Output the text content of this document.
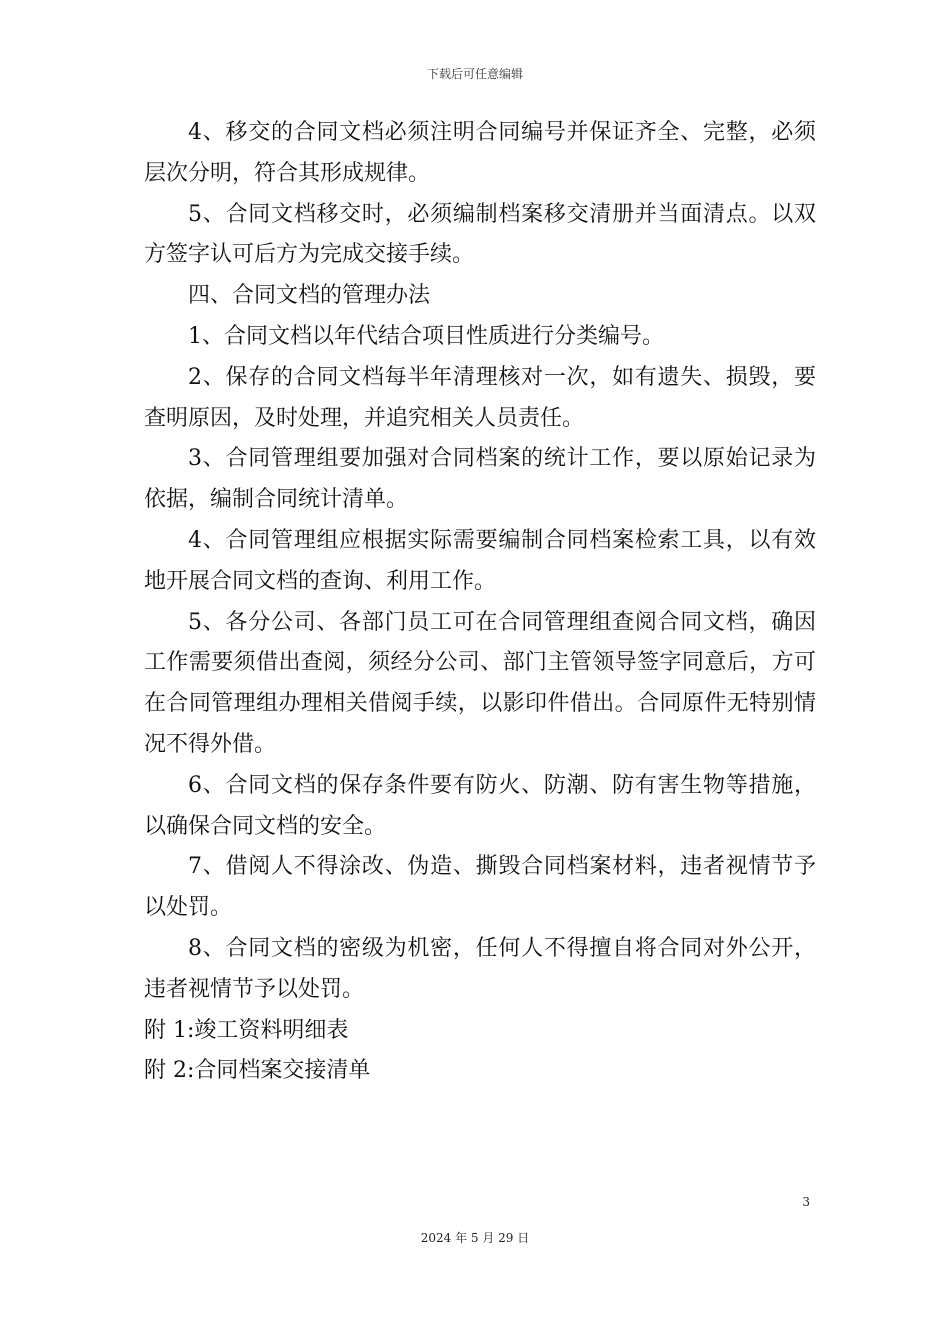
下载后可任意编辑

4、移交的合同文档必须注明合同编号并保证齐全、完整，必须层次分明，符合其形成规律。

5、合同文档移交时，必须编制档案移交清册并当面清点。以双方签字认可后方为完成交接手续。

四、合同文档的管理办法

1、合同文档以年代结合项目性质进行分类编号。

2、保存的合同文档每半年清理核对一次，如有遗失、损毁，要查明原因，及时处理，并追究相关人员责任。

3、合同管理组要加强对合同档案的统计工作，要以原始记录为依据，编制合同统计清单。

4、合同管理组应根据实际需要编制合同档案检索工具，以有效地开展合同文档的查询、利用工作。

5、各分公司、各部门员工可在合同管理组查阅合同文档，确因工作需要须借出查阅，须经分公司、部门主管领导签字同意后，方可在合同管理组办理相关借阅手续，以影印件借出。合同原件无特别情况不得外借。

6、合同文档的保存条件要有防火、防潮、防有害生物等措施，以确保合同文档的安全。

7、借阅人不得涂改、伪造、撕毁合同档案材料，违者视情节予以处罚。

8、合同文档的密级为机密，任何人不得擅自将合同对外公开，违者视情节予以处罚。

附 1:竣工资料明细表

附 2:合同档案交接清单

3
2024 年 5 月 29 日
